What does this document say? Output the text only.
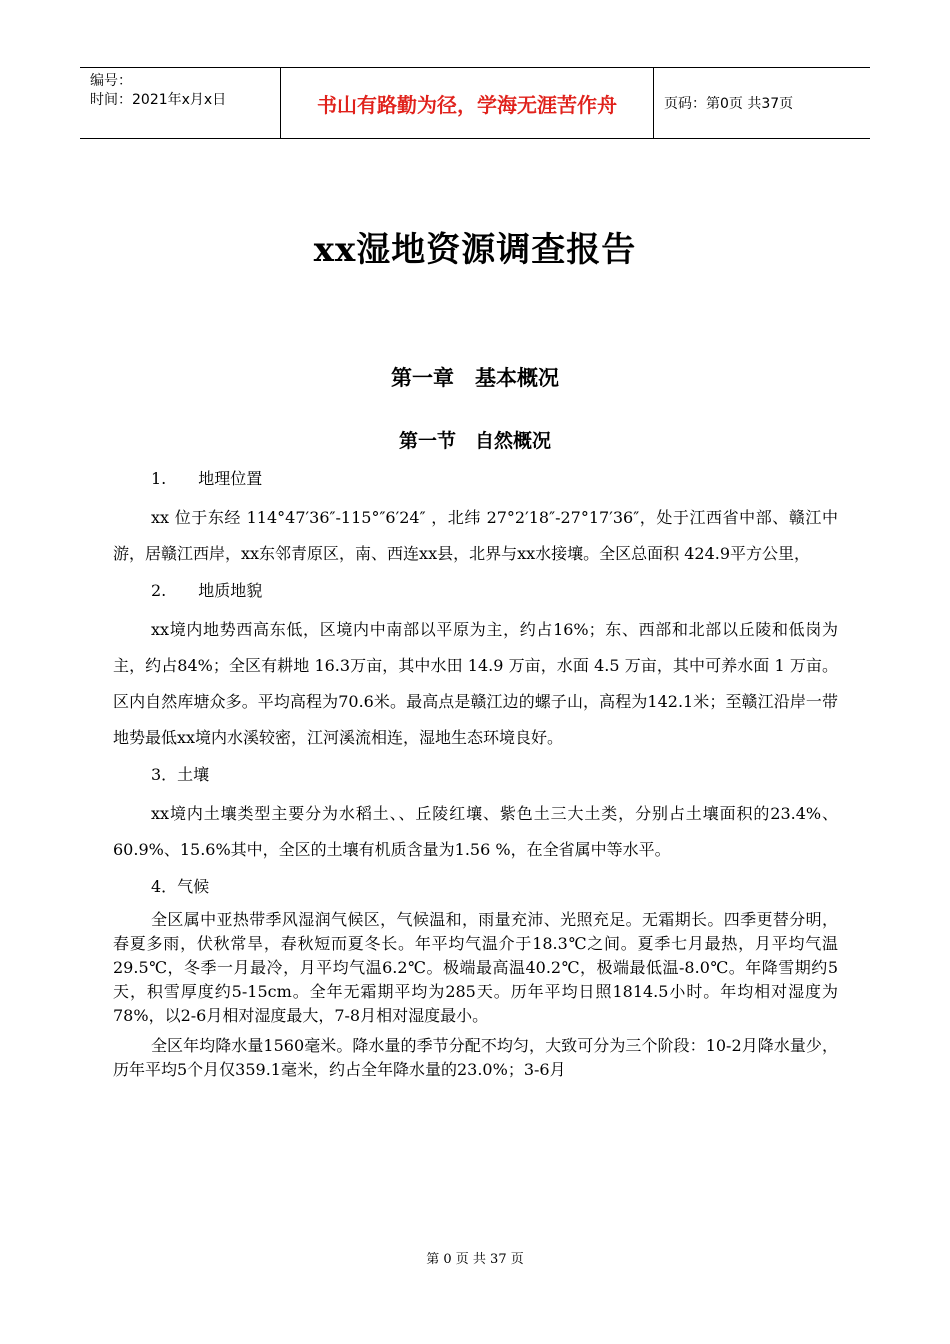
编号：
时间：2021年x月x日	书山有路勤为径，学海无涯苦作舟	页码：第0页 共37页
xx湿地资源调查报告
第一章　基本概况
第一节　自然概况
1.　　地理位置
xx 位于东经 114°47′36″-115°″6′24″ ，北纬 27°2′18″-27°17′36″，处于江西省中部、赣江中游，居赣江西岸，xx东邻青原区，南、西连xx县，北界与xx水接壤。全区总面积 424.9平方公里，
2.　　地质地貌
xx境内地势西高东低，区境内中南部以平原为主，约占16%；东、西部和北部以丘陵和低岗为主，约占84%；全区有耕地 16.3万亩，其中水田 14.9 万亩，水面 4.5 万亩，其中可养水面 1 万亩。区内自然库塘众多。平均高程为70.6米。最高点是赣江边的螺子山，高程为142.1米；至赣江沿岸一带地势最低xx境内水溪较密，江河溪流相连，湿地生态环境良好。
3．土壤
xx境内土壤类型主要分为水稻土、、丘陵红壤、紫色土三大土类，分别占土壤面积的23.4%、60.9%、15.6%其中，全区的土壤有机质含量为1.56 %，在全省属中等水平。
4．气候
全区属中亚热带季风湿润气候区，气候温和，雨量充沛、光照充足。无霜期长。四季更替分明，春夏多雨，伏秋常旱，春秋短而夏冬长。年平均气温介于18.3℃之间。夏季七月最热，月平均气温29.5℃，冬季一月最冷，月平均气温6.2℃。极端最高温40.2℃，极端最低温-8.0℃。年降雪期约5天，积雪厚度约5-15cm。全年无霜期平均为285天。历年平均日照1814.5小时。年均相对湿度为78%，以2-6月相对湿度最大，7-8月相对湿度最小。
全区年均降水量1560毫米。降水量的季节分配不均匀，大致可分为三个阶段：10-2月降水量少，历年平均5个月仅359.1毫米，约占全年降水量的23.0%；3-6月
第 0 页 共 37 页
